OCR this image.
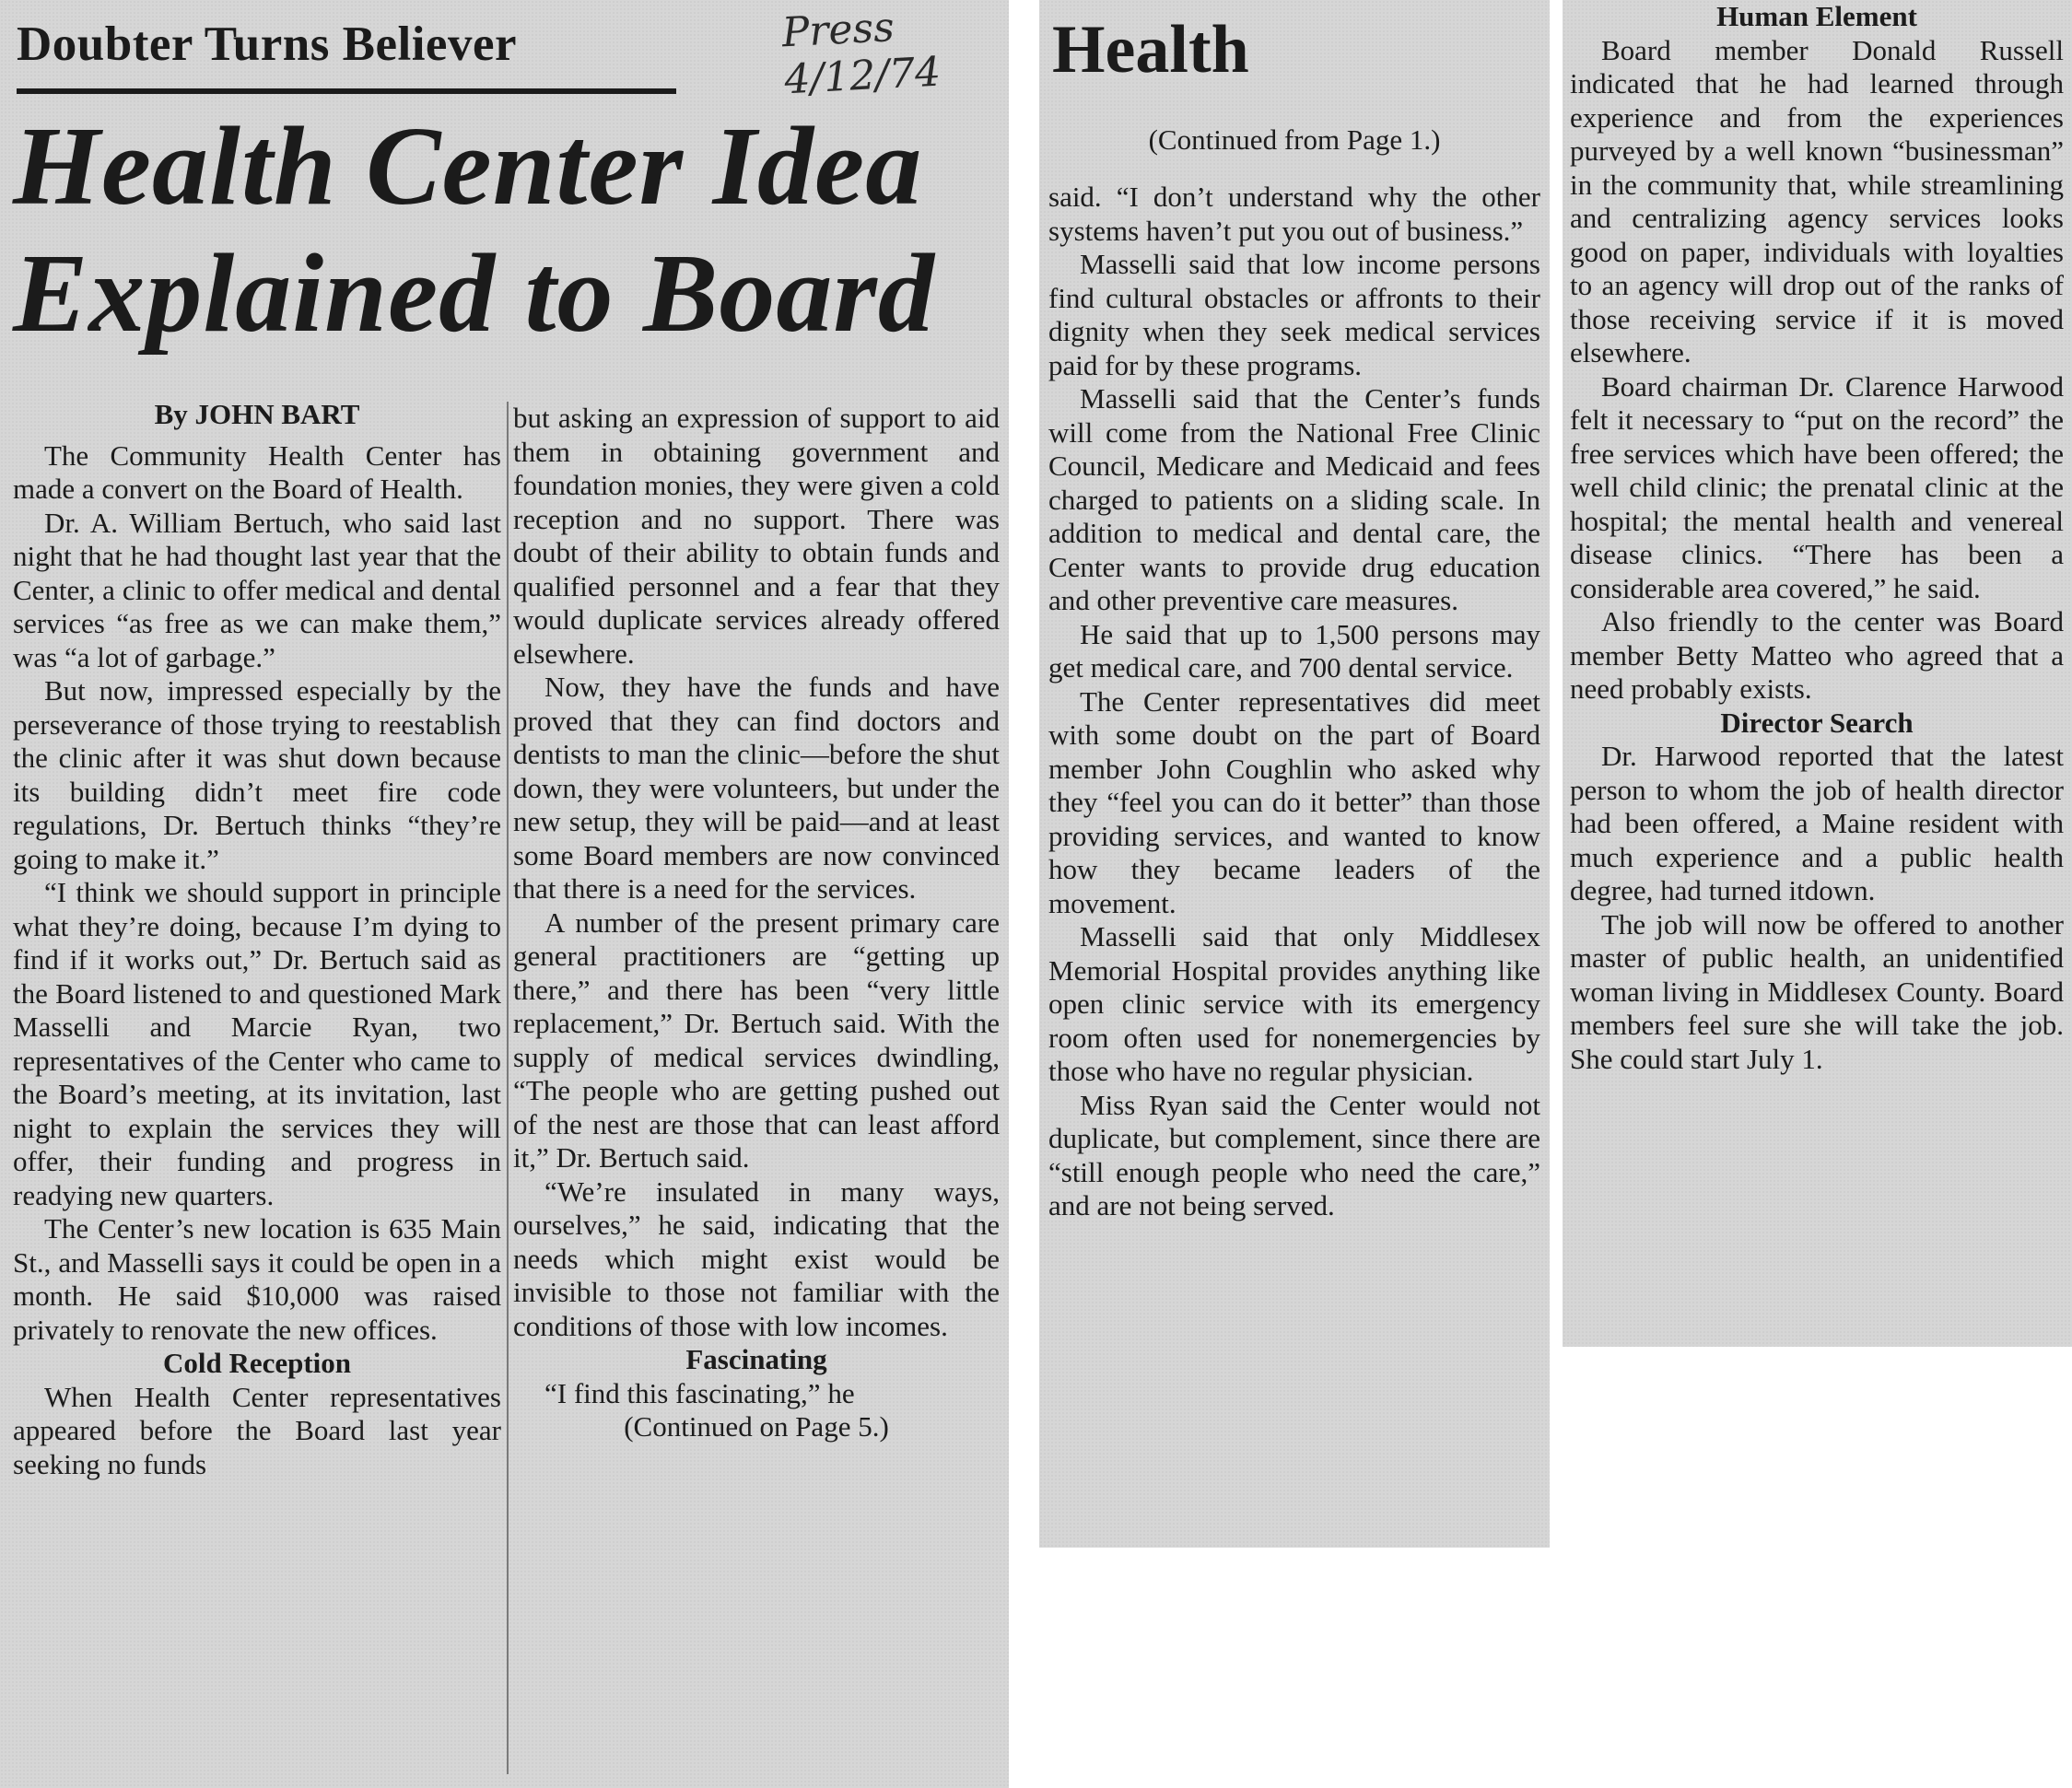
Doubter Turns Believer	Press 4/12/74
Health Center Idea
Explained to Board

By JOHN BART

The Community Health Center has made a convert on the Board of Health.

Dr. A. William Bertuch, who said last night that he had thought last year that the Center, a clinic to offer medical and dental services “as free as we can make them,” was “a lot of garbage.”

But now, impressed especially by the perseverance of those trying to reestablish the clinic after it was shut down because its building didn’t meet fire code regulations, Dr. Bertuch thinks “they’re going to make it.”

“I think we should support in principle what they’re doing, because I’m dying to find if it works out,” Dr. Bertuch said as the Board listened to and questioned Mark Masselli and Marcie Ryan, two representatives of the Center who came to the Board’s meeting, at its invitation, last night to explain the services they will offer, their funding and progress in readying new quarters.

The Center’s new location is 635 Main St., and Masselli says it could be open in a month. He said $10,000 was raised privately to renovate the new offices.

Cold Reception

When Health Center representatives appeared before the Board last year seeking no funds

but asking an expression of support to aid them in obtaining government and foundation monies, they were given a cold reception and no support. There was doubt of their ability to obtain funds and qualified personnel and a fear that they would duplicate services already offered elsewhere.

Now, they have the funds and have proved that they can find doctors and dentists to man the clinic—before the shut down, they were volunteers, but under the new setup, they will be paid—and at least some Board members are now convinced that there is a need for the services.

A number of the present primary care general practitioners are “getting up there,” and there has been “very little replacement,” Dr. Bertuch said. With the supply of medical services dwindling, “The people who are getting pushed out of the nest are those that can least afford it,” Dr. Bertuch said.

“We’re insulated in many ways, ourselves,” he said, indicating that the needs which might exist would be invisible to those not familiar with the conditions of those with low incomes.

Fascinating

“I find this fascinating,” he

(Continued on Page 5.)

Health
(Continued from Page 1.)

said. “I don’t understand why the other systems haven’t put you out of business.”

Masselli said that low income persons find cultural obstacles or affronts to their dignity when they seek medical services paid for by these programs.

Masselli said that the Center’s funds will come from the National Free Clinic Council, Medicare and Medicaid and fees charged to patients on a sliding scale. In addition to medical and dental care, the Center wants to provide drug education and other preventive care measures.

He said that up to 1,500 persons may get medical care, and 700 dental service.

The Center representatives did meet with some doubt on the part of Board member John Coughlin who asked why they “feel you can do it better” than those providing services, and wanted to know how they became leaders of the movement.

Masselli said that only Middlesex Memorial Hospital provides anything like open clinic service with its emergency room often used for nonemergencies by those who have no regular physician.

Miss Ryan said the Center would not duplicate, but complement, since there are “still enough people who need the care,” and are not being served.

Human Element

Board member Donald Russell indicated that he had learned through experience and from the experiences purveyed by a well known “businessman” in the community that, while streamlining and centralizing agency services looks good on paper, individuals with loyalties to an agency will drop out of the ranks of those receiving service if it is moved elsewhere.

Board chairman Dr. Clarence Harwood felt it necessary to “put on the record” the free services which have been offered; the well child clinic; the prenatal clinic at the hospital; the mental health and venereal disease clinics. “There has been a considerable area covered,” he said.

Also friendly to the center was Board member Betty Matteo who agreed that a need probably exists.

Director Search

Dr. Harwood reported that the latest person to whom the job of health director had been offered, a Maine resident with much experience and a public health degree, had turned itdown.

The job will now be offered to another master of public health, an unidentified woman living in Middlesex County. Board members feel sure she will take the job. She could start July 1.
